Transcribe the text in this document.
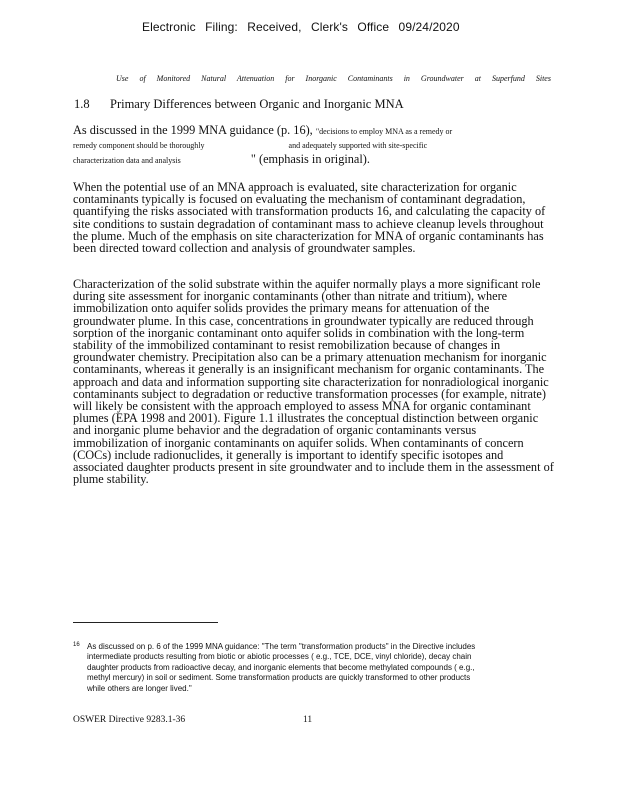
Electronic Filing: Received, Clerk's Office 09/24/2020
Use of Monitored Natural Attenuation for Inorganic Contaminants in Groundwater at Superfund Sites
1.8 Primary Differences between Organic and Inorganic MNA
As discussed in the 1999 MNA guidance (p. 16), "decisions to employ MNA as a remedy or
remedy component should be thoroughly	and adequately supported with site-specific
characterization data and analysis	" (emphasis in original).
When the potential use of an MNA approach is evaluated, site characterization for organic
contaminants typically is focused on evaluating the mechanism of contaminant degradation,
quantifying the risks associated with transformation products 16, and calculating the capacity of
site conditions to sustain degradation of contaminant mass to achieve cleanup levels throughout
the plume. Much of the emphasis on site characterization for MNA of organic contaminants has
been directed toward collection and analysis of groundwater samples.
Characterization of the solid substrate within the aquifer normally plays a more significant role
during site assessment for inorganic contaminants (other than nitrate and tritium), where
immobilization onto aquifer solids provides the primary means for attenuation of the
groundwater plume. In this case, concentrations in groundwater typically are reduced through
sorption of the inorganic contaminant onto aquifer solids in combination with the long-term
stability of the immobilized contaminant to resist remobilization because of changes in
groundwater chemistry. Precipitation also can be a primary attenuation mechanism for inorganic
contaminants, whereas it generally is an insignificant mechanism for organic contaminants. The
approach and data and information supporting site characterization for nonradiological inorganic
contaminants subject to degradation or reductive transformation processes (for example, nitrate)
will likely be consistent with the approach employed to assess MNA for organic contaminant
plumes (EPA 1998 and 2001). Figure 1.1 illustrates the conceptual distinction between organic
and inorganic plume behavior and the degradation of organic contaminants versus
immobilization of inorganic contaminants on aquifer solids. When contaminants of concern
(COCs) include radionuclides, it generally is important to identify specific isotopes and
associated daughter products present in site groundwater and to include them in the assessment of
plume stability.
16 As discussed on p. 6 of the 1999 MNA guidance: "The term "transformation products" in the Directive includes
intermediate products resulting from biotic or abiotic processes ( e.g., TCE, DCE, vinyl chloride), decay chain
daughter products from radioactive decay, and inorganic elements that become methylated compounds ( e.g.,
methyl mercury) in soil or sediment. Some transformation products are quickly transformed to other products
while others are longer lived."
OSWER Directive 9283.1-36	11
